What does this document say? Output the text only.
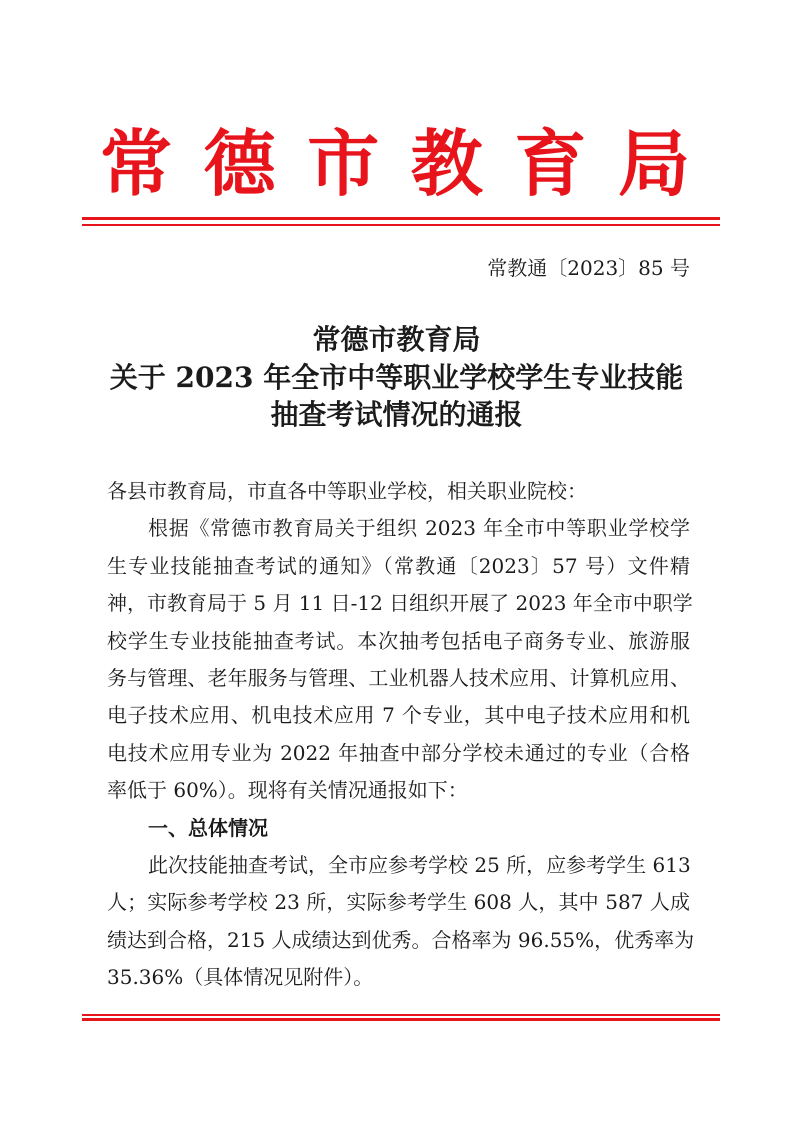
常德市教育局
常教通〔2023〕85 号
常德市教育局
关于 2023 年全市中等职业学校学生专业技能
抽查考试情况的通报
各县市教育局，市直各中等职业学校，相关职业院校：
根据《常德市教育局关于组织 2023 年全市中等职业学校学
生专业技能抽查考试的通知》（常教通〔2023〕57 号）文件精
神，市教育局于 5 月 11 日-12 日组织开展了 2023 年全市中职学
校学生专业技能抽查考试。本次抽考包括电子商务专业、旅游服
务与管理、老年服务与管理、工业机器人技术应用、计算机应用、
电子技术应用、机电技术应用 7 个专业，其中电子技术应用和机
电技术应用专业为 2022 年抽查中部分学校未通过的专业（合格
率低于 60%）。现将有关情况通报如下：
一、总体情况
此次技能抽查考试，全市应参考学校 25 所，应参考学生 613
人；实际参考学校 23 所，实际参考学生 608 人，其中 587 人成
绩达到合格，215 人成绩达到优秀。合格率为 96.55%，优秀率为
35.36%（具体情况见附件）。
